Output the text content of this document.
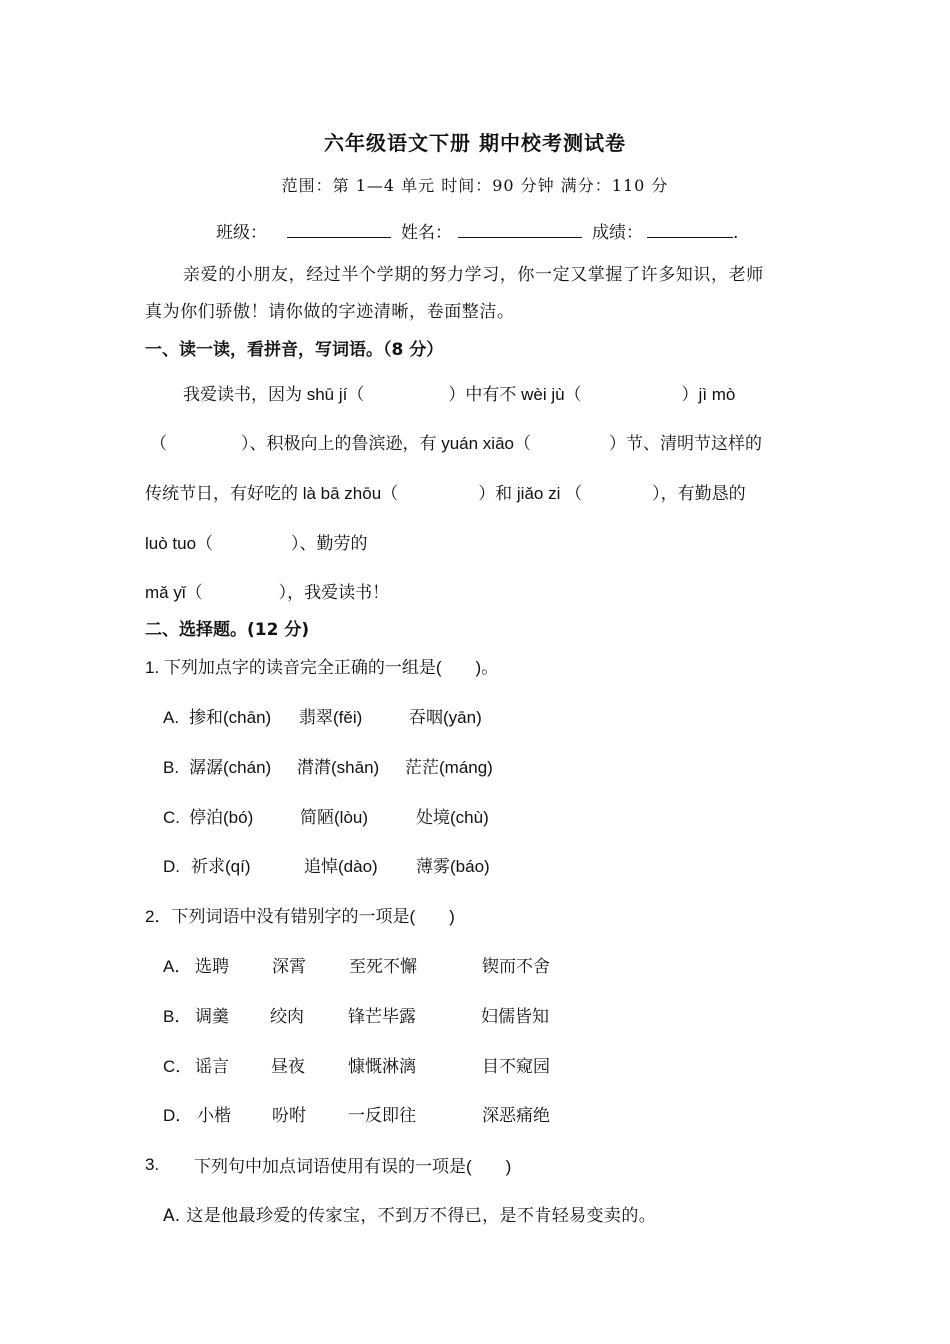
六年级语文下册 期中校考测试卷
范围：第 1—4 单元 时间：90 分钟 满分：110 分
班级：	姓名：	成绩：	.
亲爱的小朋友，经过半个学期的努力学习，你一定又掌握了许多知识，老师
真为你们骄傲！请你做的字迹清晰，卷面整洁。
一、读一读，看拼音，写词语。（8 分）
我爱读书，因为 shū jí（	）中有不 wèi jù（	）jì mò
（	）、积极向上的鲁滨逊，有 yuán xiāo（	）节、清明节这样的
传统节日，有好吃的 là bā zhōu（	）和 jiǎo zi （	），有勤恳的
luò tuo（	）、勤劳的
mǎ yǐ（	），我爱读书！
二、选择题。(12 分)
1. 下列加点字的读音完全正确的一组是(　　)。
A. 掺和(chān) 翡翠(fěi)	吞咽(yān)
B. 潺潺(chán) 潸潸(shān) 茫茫(máng)
C. 停泊(bó)	简陋(lòu)	处境(chù)
D. 祈求(qí)	追悼(dào) 薄雾(báo)
2．下列词语中没有错别字的一项是(　　)
A． 选聘	深霄	至死不懈	锲而不舍
B． 调羹 绞肉	锋芒毕露	妇儒皆知
C． 谣言 昼夜	慷慨淋漓	目不窥园
D． 小楷 吩咐 一反即往	深恶痛绝
3. 下列句中加点词语使用有误的一项是(　　)
A. 这是他最珍爱的传家宝，不到万不得已，是不肯轻易变卖的。
